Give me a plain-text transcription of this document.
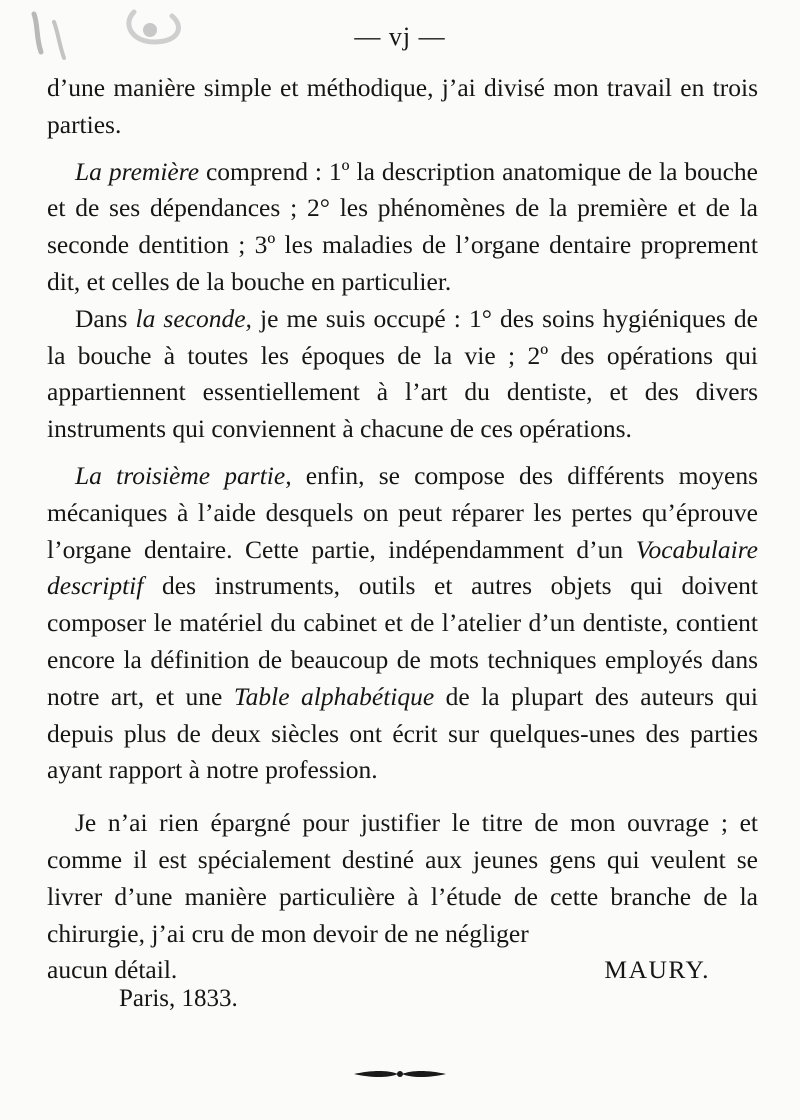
— vj —

d’une manière simple et méthodique, j’ai divisé mon travail en trois parties.

La première comprend : 1º la description anatomique de la bouche et de ses dépendances ; 2° les phénomènes de la première et de la seconde dentition ; 3º les maladies de l’organe dentaire proprement dit, et celles de la bouche en particulier.

Dans la seconde, je me suis occupé : 1° des soins hygiéniques de la bouche à toutes les époques de la vie ; 2º des opérations qui appartiennent essentiellement à l’art du dentiste, et des divers instruments qui conviennent à chacune de ces opérations.

La troisième partie, enfin, se compose des différents moyens mécaniques à l’aide desquels on peut réparer les pertes qu’éprouve l’organe dentaire. Cette partie, indépendamment d’un Vocabulaire descriptif des instruments, outils et autres objets qui doivent composer le matériel du cabinet et de l’atelier d’un dentiste, contient encore la définition de beaucoup de mots techniques employés dans notre art, et une Table alphabétique de la plupart des auteurs qui depuis plus de deux siècles ont écrit sur quelques-unes des parties ayant rapport à notre profession.

Je n’ai rien épargné pour justifier le titre de mon ouvrage ; et comme il est spécialement destiné aux jeunes gens qui veulent se livrer d’une manière particulière à l’étude de cette branche de la chirurgie, j’ai cru de mon devoir de ne négliger

aucun détail.	MAURY.

Paris, 1833.
